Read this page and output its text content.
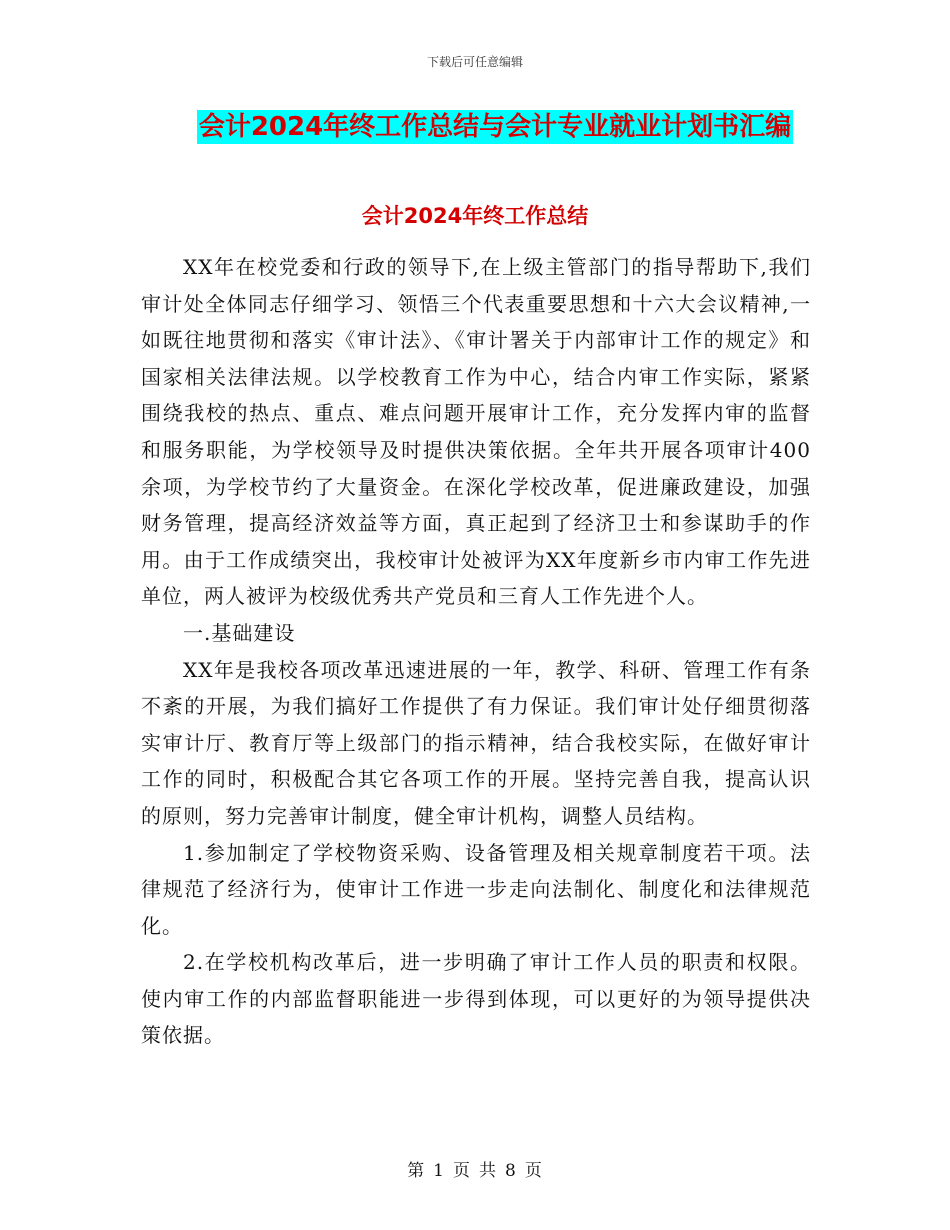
下载后可任意编辑
会计2024年终工作总结与会计专业就业计划书汇编
会计2024年终工作总结

XX年在校党委和行政的领导下,在上级主管部门的指导帮助下,我们审计处全体同志仔细学习、领悟三个代表重要思想和十六大会议精神,一如既往地贯彻和落实《审计法》、《审计署关于内部审计工作的规定》和国家相关法律法规。以学校教育工作为中心，结合内审工作实际，紧紧围绕我校的热点、重点、难点问题开展审计工作，充分发挥内审的监督和服务职能，为学校领导及时提供决策依据。全年共开展各项审计400余项，为学校节约了大量资金。在深化学校改革，促进廉政建设，加强财务管理，提高经济效益等方面，真正起到了经济卫士和参谋助手的作用。由于工作成绩突出，我校审计处被评为XX年度新乡市内审工作先进单位，两人被评为校级优秀共产党员和三育人工作先进个人。

一.基础建设

XX年是我校各项改革迅速进展的一年，教学、科研、管理工作有条不紊的开展，为我们搞好工作提供了有力保证。我们审计处仔细贯彻落实审计厅、教育厅等上级部门的指示精神，结合我校实际，在做好审计工作的同时，积极配合其它各项工作的开展。坚持完善自我，提高认识的原则，努力完善审计制度，健全审计机构，调整人员结构。

1.参加制定了学校物资采购、设备管理及相关规章制度若干项。法律规范了经济行为，使审计工作进一步走向法制化、制度化和法律规范化。

2.在学校机构改革后，进一步明确了审计工作人员的职责和权限。使内审工作的内部监督职能进一步得到体现，可以更好的为领导提供决策依据。

第 1 页 共 8 页
